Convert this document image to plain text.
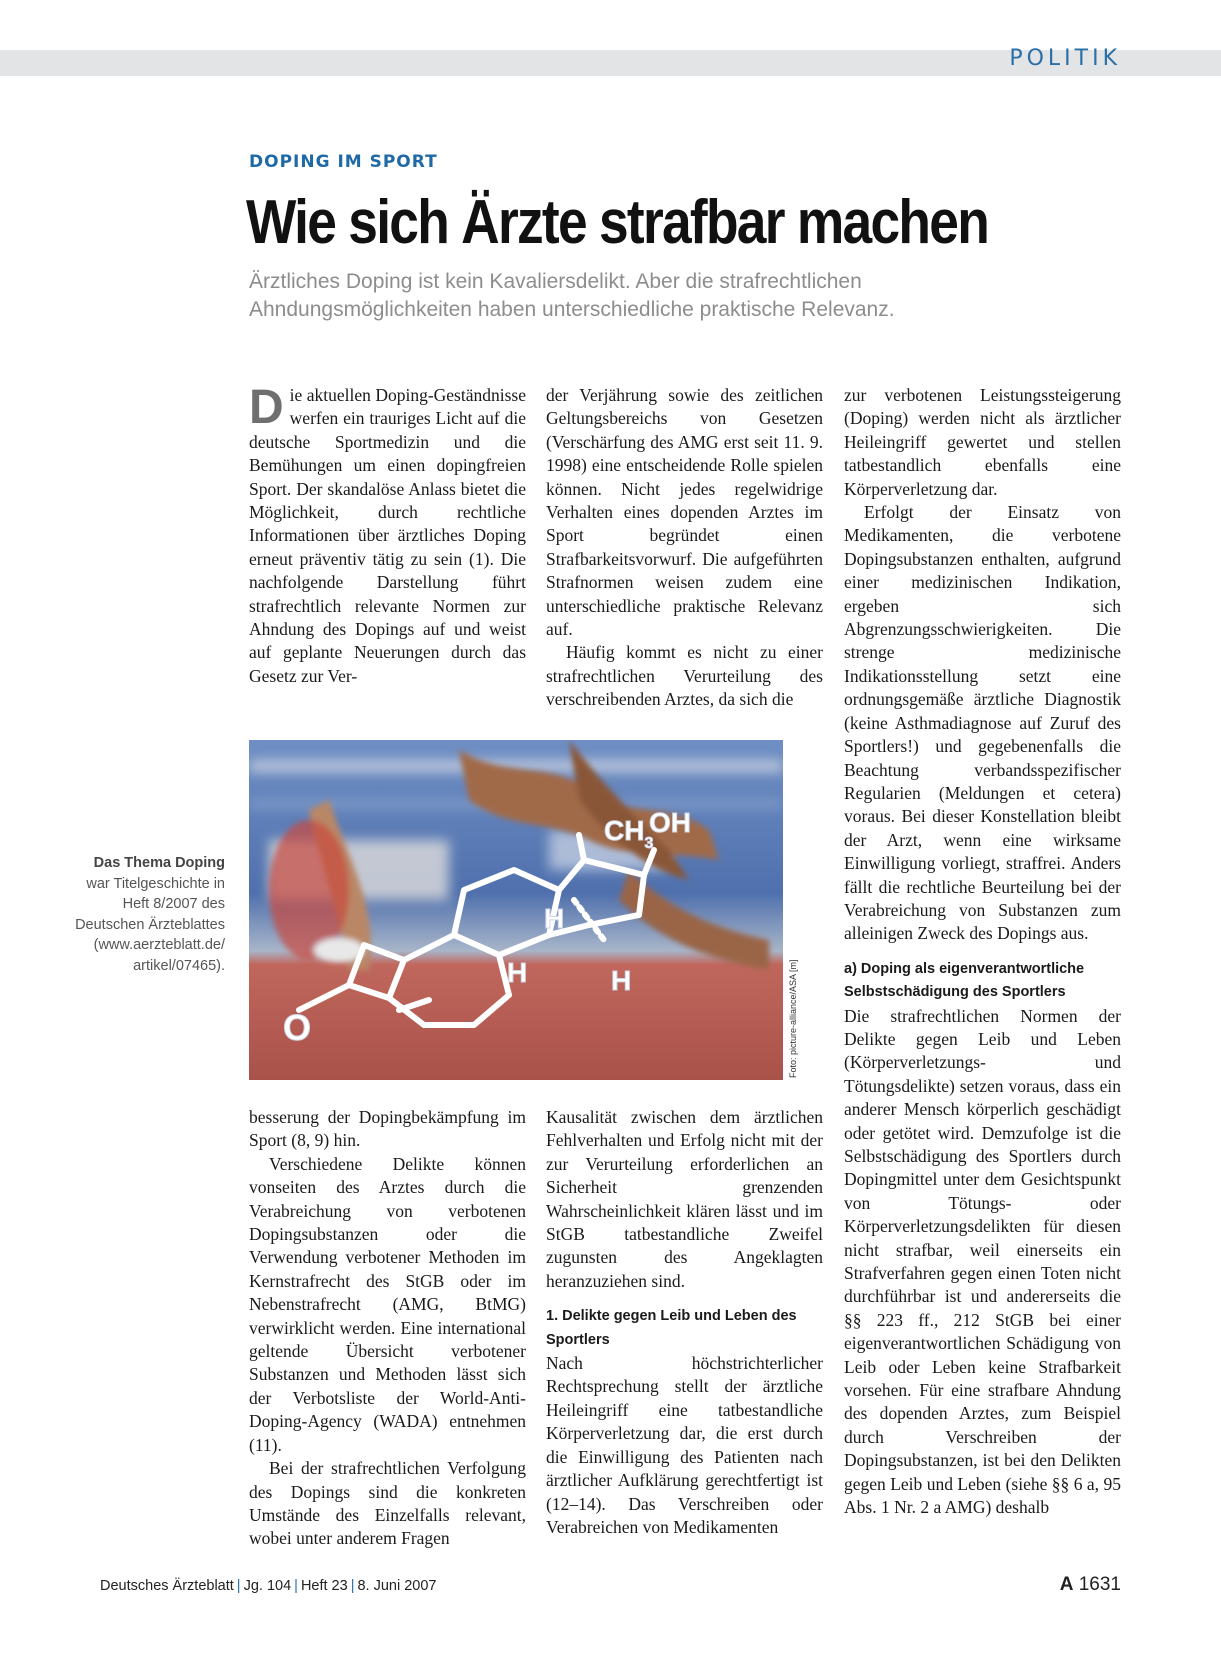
POLITIK
DOPING IM SPORT
Wie sich Ärzte strafbar machen
Ärztliches Doping ist kein Kavaliersdelikt. Aber die strafrechtlichen Ahndungsmöglichkeiten haben unterschiedliche praktische Relevanz.

Die aktuellen Doping-Geständnisse werfen ein trauriges Licht auf die deutsche Sportmedizin und die Bemühungen um einen dopingfreien Sport. Der skandalöse Anlass bietet die Möglichkeit, durch rechtliche Informationen über ärztliches Doping erneut präventiv tätig zu sein (1). Die nachfolgende Darstellung führt strafrechtlich relevante Normen zur Ahndung des Dopings auf und weist auf geplante Neuerungen durch das Gesetz zur Ver-

der Verjährung sowie des zeitlichen Geltungsbereichs von Gesetzen (Verschärfung des AMG erst seit 11. 9. 1998) eine entscheidende Rolle spielen können. Nicht jedes regelwidrige Verhalten eines dopenden Arztes im Sport begründet einen Strafbarkeitsvorwurf. Die aufgeführten Strafnormen weisen zudem eine unterschiedliche praktische Relevanz auf.

Häufig kommt es nicht zu einer strafrechtlichen Verurteilung des verschreibenden Arztes, da sich die

$CH_3$
OH
H
H	H
O	Foto: picture-alliance/ASA [m]
Das Thema Doping
war Titelgeschichte in Heft 8/2007 des Deutschen Ärzteblattes (www.aerzteblatt.de/ artikel/07465).

besserung der Dopingbekämpfung im Sport (8, 9) hin.

Verschiedene Delikte können vonseiten des Arztes durch die Verabreichung von verbotenen Dopingsubstanzen oder die Verwendung verbotener Methoden im Kernstrafrecht des StGB oder im Nebenstrafrecht (AMG, BtMG) verwirklicht werden. Eine international geltende Übersicht verbotener Substanzen und Methoden lässt sich der Verbotsliste der World-Anti-Doping-Agency (WADA) entnehmen (11).

Bei der strafrechtlichen Verfolgung des Dopings sind die konkreten Umstände des Einzelfalls relevant, wobei unter anderem Fragen

Kausalität zwischen dem ärztlichen Fehlverhalten und Erfolg nicht mit der zur Verurteilung erforderlichen an Sicherheit grenzenden Wahrscheinlichkeit klären lässt und im StGB tatbestandliche Zweifel zugunsten des Angeklagten heranzuziehen sind.

1. Delikte gegen Leib und Leben des Sportlers

Nach höchstrichterlicher Rechtsprechung stellt der ärztliche Heileingriff eine tatbestandliche Körperverletzung dar, die erst durch die Einwilligung des Patienten nach ärztlicher Aufklärung gerechtfertigt ist (12–14). Das Verschreiben oder Verabreichen von Medikamenten

zur verbotenen Leistungssteigerung (Doping) werden nicht als ärztlicher Heileingriff gewertet und stellen tatbestandlich ebenfalls eine Körperverletzung dar.

Erfolgt der Einsatz von Medikamenten, die verbotene Dopingsubstanzen enthalten, aufgrund einer medizinischen Indikation, ergeben sich Abgrenzungsschwierigkeiten. Die strenge medizinische Indikationsstellung setzt eine ordnungsgemäße ärztliche Diagnostik (keine Asthmadiagnose auf Zuruf des Sportlers!) und gegebenenfalls die Beachtung verbandsspezifischer Regularien (Meldungen et cetera) voraus. Bei dieser Konstellation bleibt der Arzt, wenn eine wirksame Einwilligung vorliegt, straffrei. Anders fällt die rechtliche Beurteilung bei der Verabreichung von Substanzen zum alleinigen Zweck des Dopings aus.

a) Doping als eigenverantwortliche Selbstschädigung des Sportlers

Die strafrechtlichen Normen der Delikte gegen Leib und Leben (Körperverletzungs- und Tötungsdelikte) setzen voraus, dass ein anderer Mensch körperlich geschädigt oder getötet wird. Demzufolge ist die Selbstschädigung des Sportlers durch Dopingmittel unter dem Gesichtspunkt von Tötungs- oder Körperverletzungsdelikten für diesen nicht strafbar, weil einerseits ein Strafverfahren gegen einen Toten nicht durchführbar ist und andererseits die §§ 223 ff., 212 StGB bei einer eigenverantwortlichen Schädigung von Leib oder Leben keine Strafbarkeit vorsehen. Für eine strafbare Ahndung des dopenden Arztes, zum Beispiel durch Verschreiben der Dopingsubstanzen, ist bei den Delikten gegen Leib und Leben (siehe §§ 6 a, 95 Abs. 1 Nr. 2 a AMG) deshalb

Deutsches Ärzteblatt | Jg. 104 | Heft 23 | 8. Juni 2007	A 1631
